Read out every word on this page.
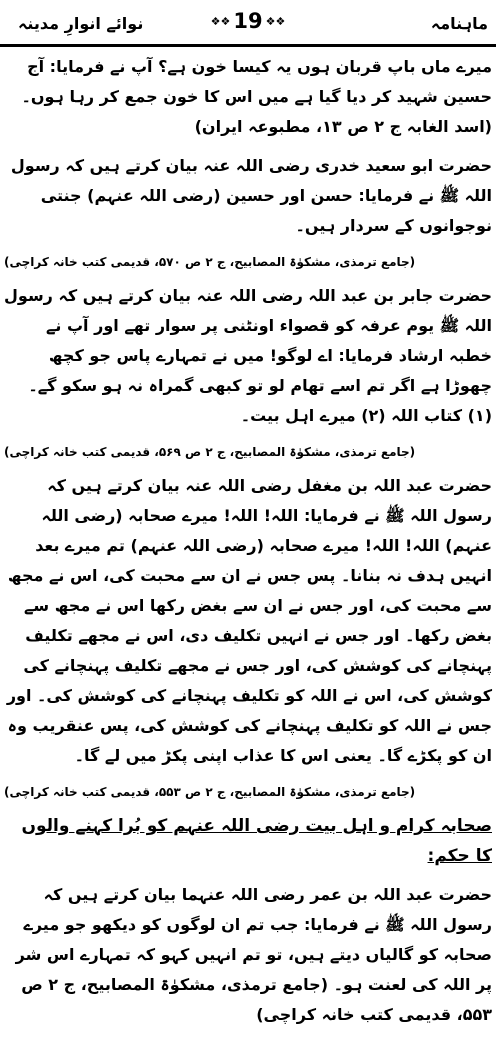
ماہنامہ
❖❖ 19 ❖❖
نوائے انوارِ مدینہ

میرے ماں باپ قربان ہوں یہ کیسا خون ہے؟ آپ نے فرمایا: آج حسین شہید کر دیا گیا ہے میں اس کا خون جمع کر رہا ہوں۔ (اسد الغابہ ج ۲ ص ۱۳، مطبوعہ ایران)

حضرت ابو سعید خدری رضی اللہ عنہ بیان کرتے ہیں کہ رسول اللہ ﷺ نے فرمایا: حسن اور حسین (رضی اللہ عنہم) جنتی نوجوانوں کے سردار ہیں۔

(جامع ترمذی، مشکوٰۃ المصابیح، ج ۲ ص ۵۷۰، قدیمی کتب خانہ کراچی)

حضرت جابر بن عبد اللہ رضی اللہ عنہ بیان کرتے ہیں کہ رسول اللہ ﷺ یوم عرفہ کو قصواء اونٹنی پر سوار تھے اور آپ نے خطبہ ارشاد فرمایا: اے لوگو! میں نے تمہارے پاس جو کچھ چھوڑا ہے اگر تم اسے تھام لو تو کبھی گمراہ نہ ہو سکو گے۔ (۱) کتاب اللہ (۲) میرے اہل بیت۔

(جامع ترمذی، مشکوٰۃ المصابیح، ج ۲ ص ۵۶۹، قدیمی کتب خانہ کراچی)

حضرت عبد اللہ بن مغفل رضی اللہ عنہ بیان کرتے ہیں کہ رسول اللہ ﷺ نے فرمایا: اللہ! اللہ! میرے صحابہ (رضی اللہ عنہم) اللہ! اللہ! میرے صحابہ (رضی اللہ عنہم) تم میرے بعد انہیں ہدف نہ بنانا۔ پس جس نے ان سے محبت کی، اس نے مجھ سے محبت کی، اور جس نے ان سے بغض رکھا اس نے مجھ سے بغض رکھا۔ اور جس نے انہیں تکلیف دی، اس نے مجھے تکلیف پہنچانے کی کوشش کی، اور جس نے مجھے تکلیف پہنچانے کی کوشش کی، اس نے اللہ کو تکلیف پہنچانے کی کوشش کی۔ اور جس نے اللہ کو تکلیف پہنچانے کی کوشش کی، پس عنقریب وہ ان کو پکڑے گا۔ یعنی اس کا عذاب اپنی پکڑ میں لے گا۔

(جامع ترمذی، مشکوٰۃ المصابیح، ج ۲ ص ۵۵۳، قدیمی کتب خانہ کراچی)

صحابہ کرام و اہل بیت رضی اللہ عنہم کو بُرا کہنے والوں کا حکم:

حضرت عبد اللہ بن عمر رضی اللہ عنہما بیان کرتے ہیں کہ رسول اللہ ﷺ نے فرمایا: جب تم ان لوگوں کو دیکھو جو میرے صحابہ کو گالیاں دیتے ہیں، تو تم انہیں کہو کہ تمہارے اس شر پر اللہ کی لعنت ہو۔ (جامع ترمذی، مشکوٰۃ المصابیح، ج ۲ ص ۵۵۳، قدیمی کتب خانہ کراچی)
